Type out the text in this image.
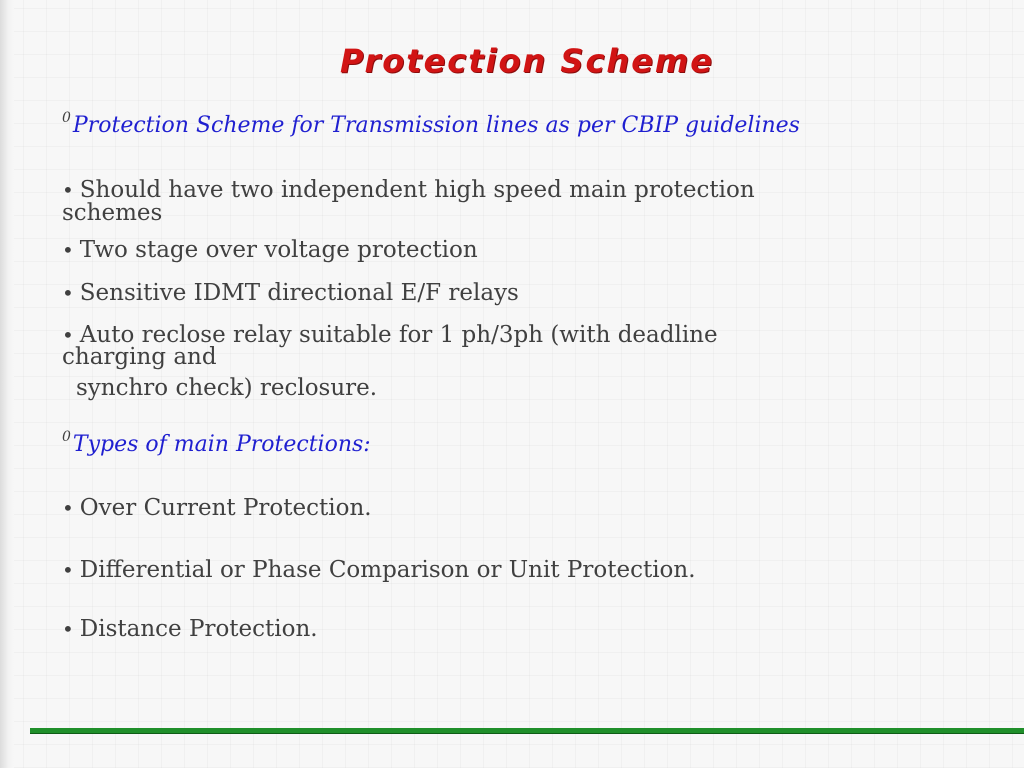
Protection Scheme
$^0$Protection Scheme for Transmission lines as per CBIP guidelines
• Should have two independent high speed main protection
schemes
• Two stage over voltage protection
• Sensitive IDMT directional E/F relays
• Auto reclose relay suitable for 1 ph/3ph (with deadline
charging and
synchro check) reclosure.
$^0$Types of main Protections:
• Over Current Protection.
• Differential or Phase Comparison or Unit Protection.
• Distance Protection.
